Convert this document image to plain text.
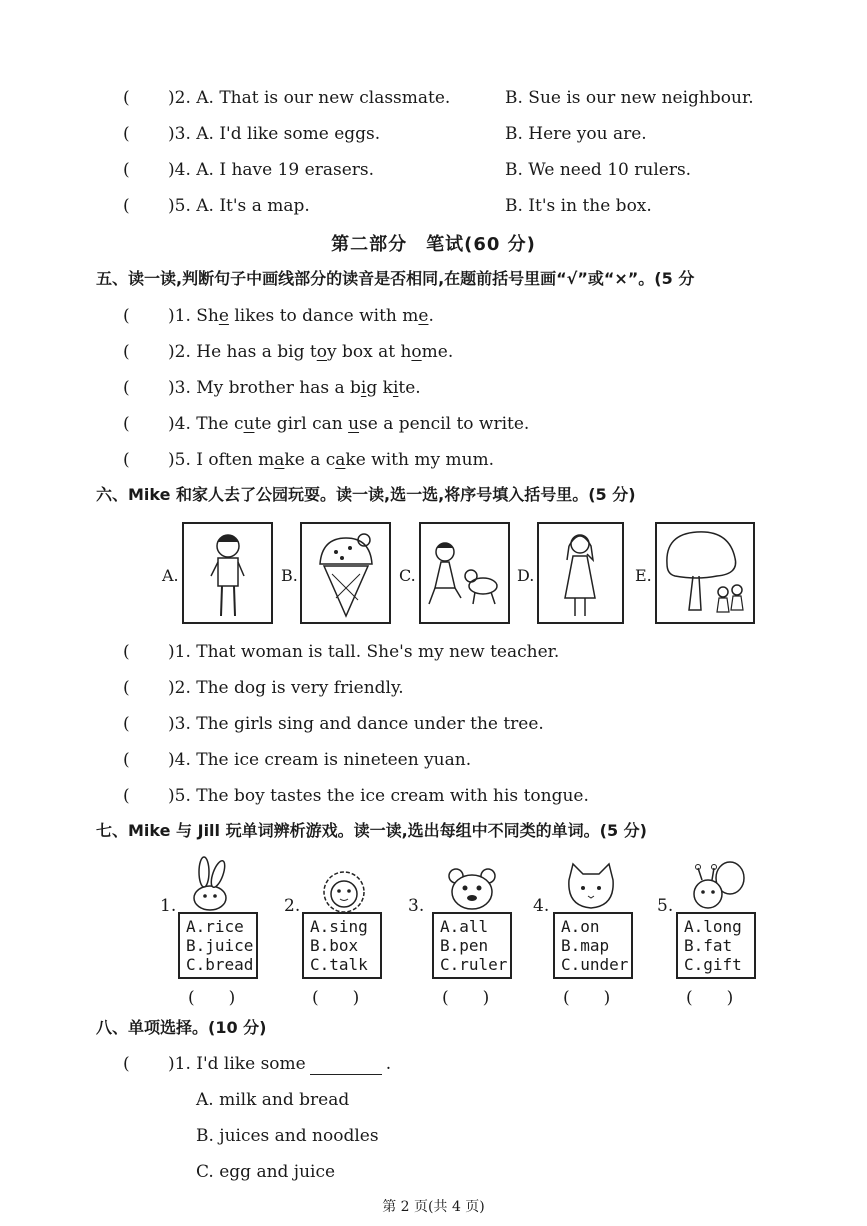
( )2. A. That is our new classmate.	B. Sue is our new neighbour.
( )3. A. I'd like some eggs.	B. Here you are.
( )4. A. I have 19 erasers.	B. We need 10 rulers.
( )5. A. It's a map.	B. It's in the box.
第二部分　笔试(60 分)
五、读一读,判断句子中画线部分的读音是否相同,在题前括号里画“√”或“×”。(5 分
( )1. She likes to dance with me.
( )2. He has a big toy box at home.
( )3. My brother has a big kite.
( )4. The cute girl can use a pencil to write.
( )5. I often make a cake with my mum.
六、Mike 和家人去了公园玩耍。读一读,选一选,将序号填入括号里。(5 分)
A.	B.	C.	D.	E.
( )1. That woman is tall. She's my new teacher.
( )2. The dog is very friendly.
( )3. The girls sing and dance under the tree.
( )4. The ice cream is nineteen yuan.
( )5. The boy tastes the ice cream with his tongue.
七、Mike 与 Jill 玩单词辨析游戏。读一读,选出每组中不同类的单词。(5 分)
1.
A.rice
B.juice
C.bread
(　　)
2.
A.sing
B.box
C.talk
(　　)
3.
A.all
B.pen
C.ruler
(　　)
4.
A.on
B.map
C.under
(　　)
5.
A.long
B.fat
C.gift
(　　)
八、单项选择。(10 分)
( )1. I'd like some	.
A. milk and bread
B. juices and noodles
C. egg and juice
第 2 页(共 4 页)
